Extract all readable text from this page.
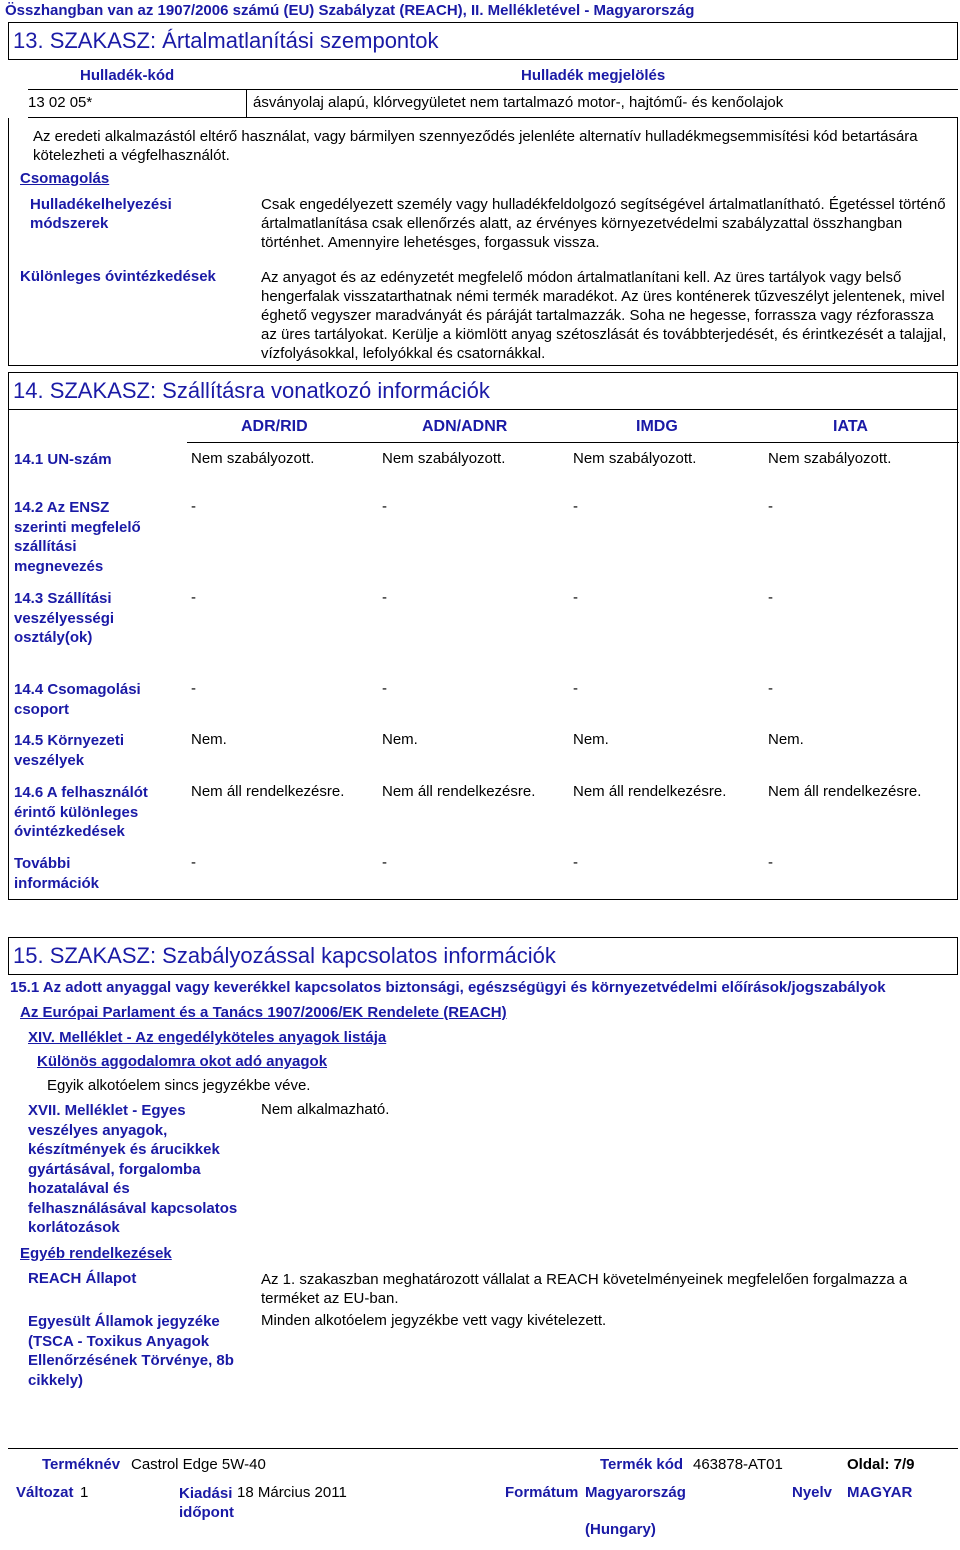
Összhangban van az 1907/2006 számú (EU) Szabályzat (REACH), II. Mellékletével - Magyarország
13. SZAKASZ: Ártalmatlanítási szempontok
Hulladék-kód	Hulladék megjelölés
13 02 05*	ásványolaj alapú, klórvegyületet nem tartalmazó motor-, hajtómű- és kenőolajok
Az eredeti alkalmazástól eltérő használat, vagy bármilyen szennyeződés jelenléte alternatív hulladékmegsemmisítési kód betartására kötelezheti a végfelhasználót.
Csomagolás
Hulladékelhelyezési
módszerek
Csak engedélyezett személy vagy hulladékfeldolgozó segítségével ártalmatlanítható. Égetéssel történő ártalmatlanítása csak ellenőrzés alatt, az érvényes környezetvédelmi szabályzattal összhangban történhet. Amennyire lehetésges, forgassuk vissza.
Különleges óvintézkedések	Az anyagot és az edényzetét megfelelő módon ártalmatlanítani kell. Az üres tartályok vagy belső hengerfalak visszatarthatnak némi termék maradékot. Az üres konténerek tűzveszélyt jelentenek, mivel éghető vegyszer maradványát és páráját tartalmazzák. Soha ne hegesse, forrassza vagy rézforassza az üres tartályokat. Kerülje a kiömlött anyag szétoszlását és továbbterjedését, és érintkezését a talajjal, vízfolyásokkal, lefolyókkal és csatornákkal.
14. SZAKASZ: Szállításra vonatkozó információk
ADR/RID	ADN/ADNR	IMDG	IATA
14.1 UN-szám	Nem szabályozott.	Nem szabályozott.	Nem szabályozott.	Nem szabályozott.
14.2 Az ENSZ szerinti megfelelő szállítási megnevezés
-	-	-	-
14.3 Szállítási veszélyességi osztály(ok)
-	-	-	-
14.4 Csomagolási csoport
-	-	-	-
14.5 Környezeti veszélyek
Nem.	Nem.	Nem.	Nem.
14.6 A felhasználót érintő különleges óvintézkedések
Nem áll rendelkezésre.	Nem áll rendelkezésre.	Nem áll rendelkezésre.	Nem áll rendelkezésre.
További információk
-	-	-	-
15. SZAKASZ: Szabályozással kapcsolatos információk
15.1 Az adott anyaggal vagy keverékkel kapcsolatos biztonsági, egészségügyi és környezetvédelmi előírások/jogszabályok
Az Európai Parlament és a Tanács 1907/2006/EK Rendelete (REACH)
XIV. Melléklet - Az engedélyköteles anyagok listája
Különös aggodalomra okot adó anyagok
Egyik alkotóelem sincs jegyzékbe véve.
XVII. Melléklet - Egyes veszélyes anyagok, készítmények és árucikkek gyártásával, forgalomba hozatalával és felhasználásával kapcsolatos korlátozások
Nem alkalmazható.
Egyéb rendelkezések
REACH Állapot	Az 1. szakaszban meghatározott vállalat a REACH követelményeinek megfelelően forgalmazza a terméket az EU-ban.
Egyesült Államok jegyzéke (TSCA - Toxikus Anyagok Ellenőrzésének Törvénye, 8b cikkely)
Minden alkotóelem jegyzékbe vett vagy kivételezett.
Terméknév Castrol Edge 5W-40	Termék kód 463878-AT01	Oldal: 7/9
Változat 1	Kiadási
időpont
18 Március 2011	Formátum Magyarország
(Hungary)
Nyelv MAGYAR
